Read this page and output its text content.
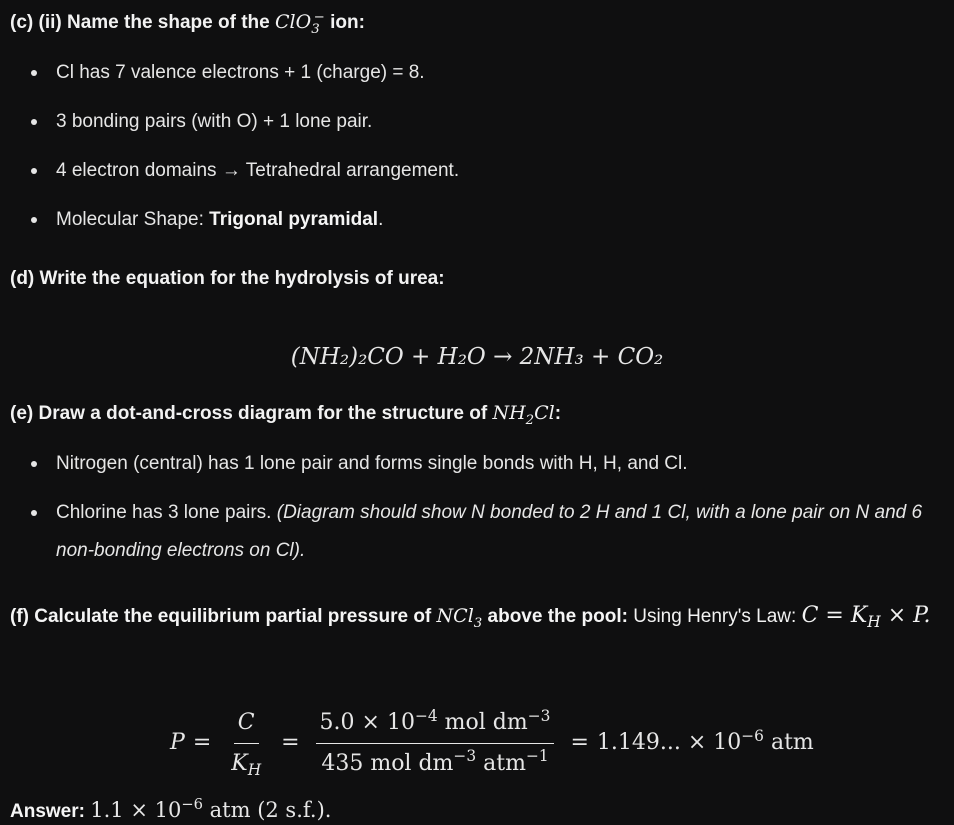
(c) (ii) Name the shape of the ClO$_3$− ion:
Cl has 7 valence electrons + 1 (charge) = 8.
3 bonding pairs (with O) + 1 lone pair.
4 electron domains → Tetrahedral arrangement.
Molecular Shape: Trigonal pyramidal.
(d) Write the equation for the hydrolysis of urea:
(NH₂)₂CO + H₂O → 2NH₃ + CO₂
(e) Draw a dot-and-cross diagram for the structure of $NH_2Cl$:
Nitrogen (central) has 1 lone pair and forms single bonds with H, H, and Cl.
Chlorine has 3 lone pairs. (Diagram should show N bonded to 2 H and 1 Cl, with a lone pair on N and 6 non-bonding electrons on Cl).
(f) Calculate the equilibrium partial pressure of NCl$_3$ above the pool: Using Henry's Law: $C = K_H \times P$.
$P = \frac{C}{K_H} = \frac{5.0 \times 10^{-4} mol dm^{-3}}{435 mol dm^{-3} atm^{-1}} = 1.149$... × $10^{-6}$ atm
Answer: $1.1 \times 10^{-6}$ atm (2 s.f.).
